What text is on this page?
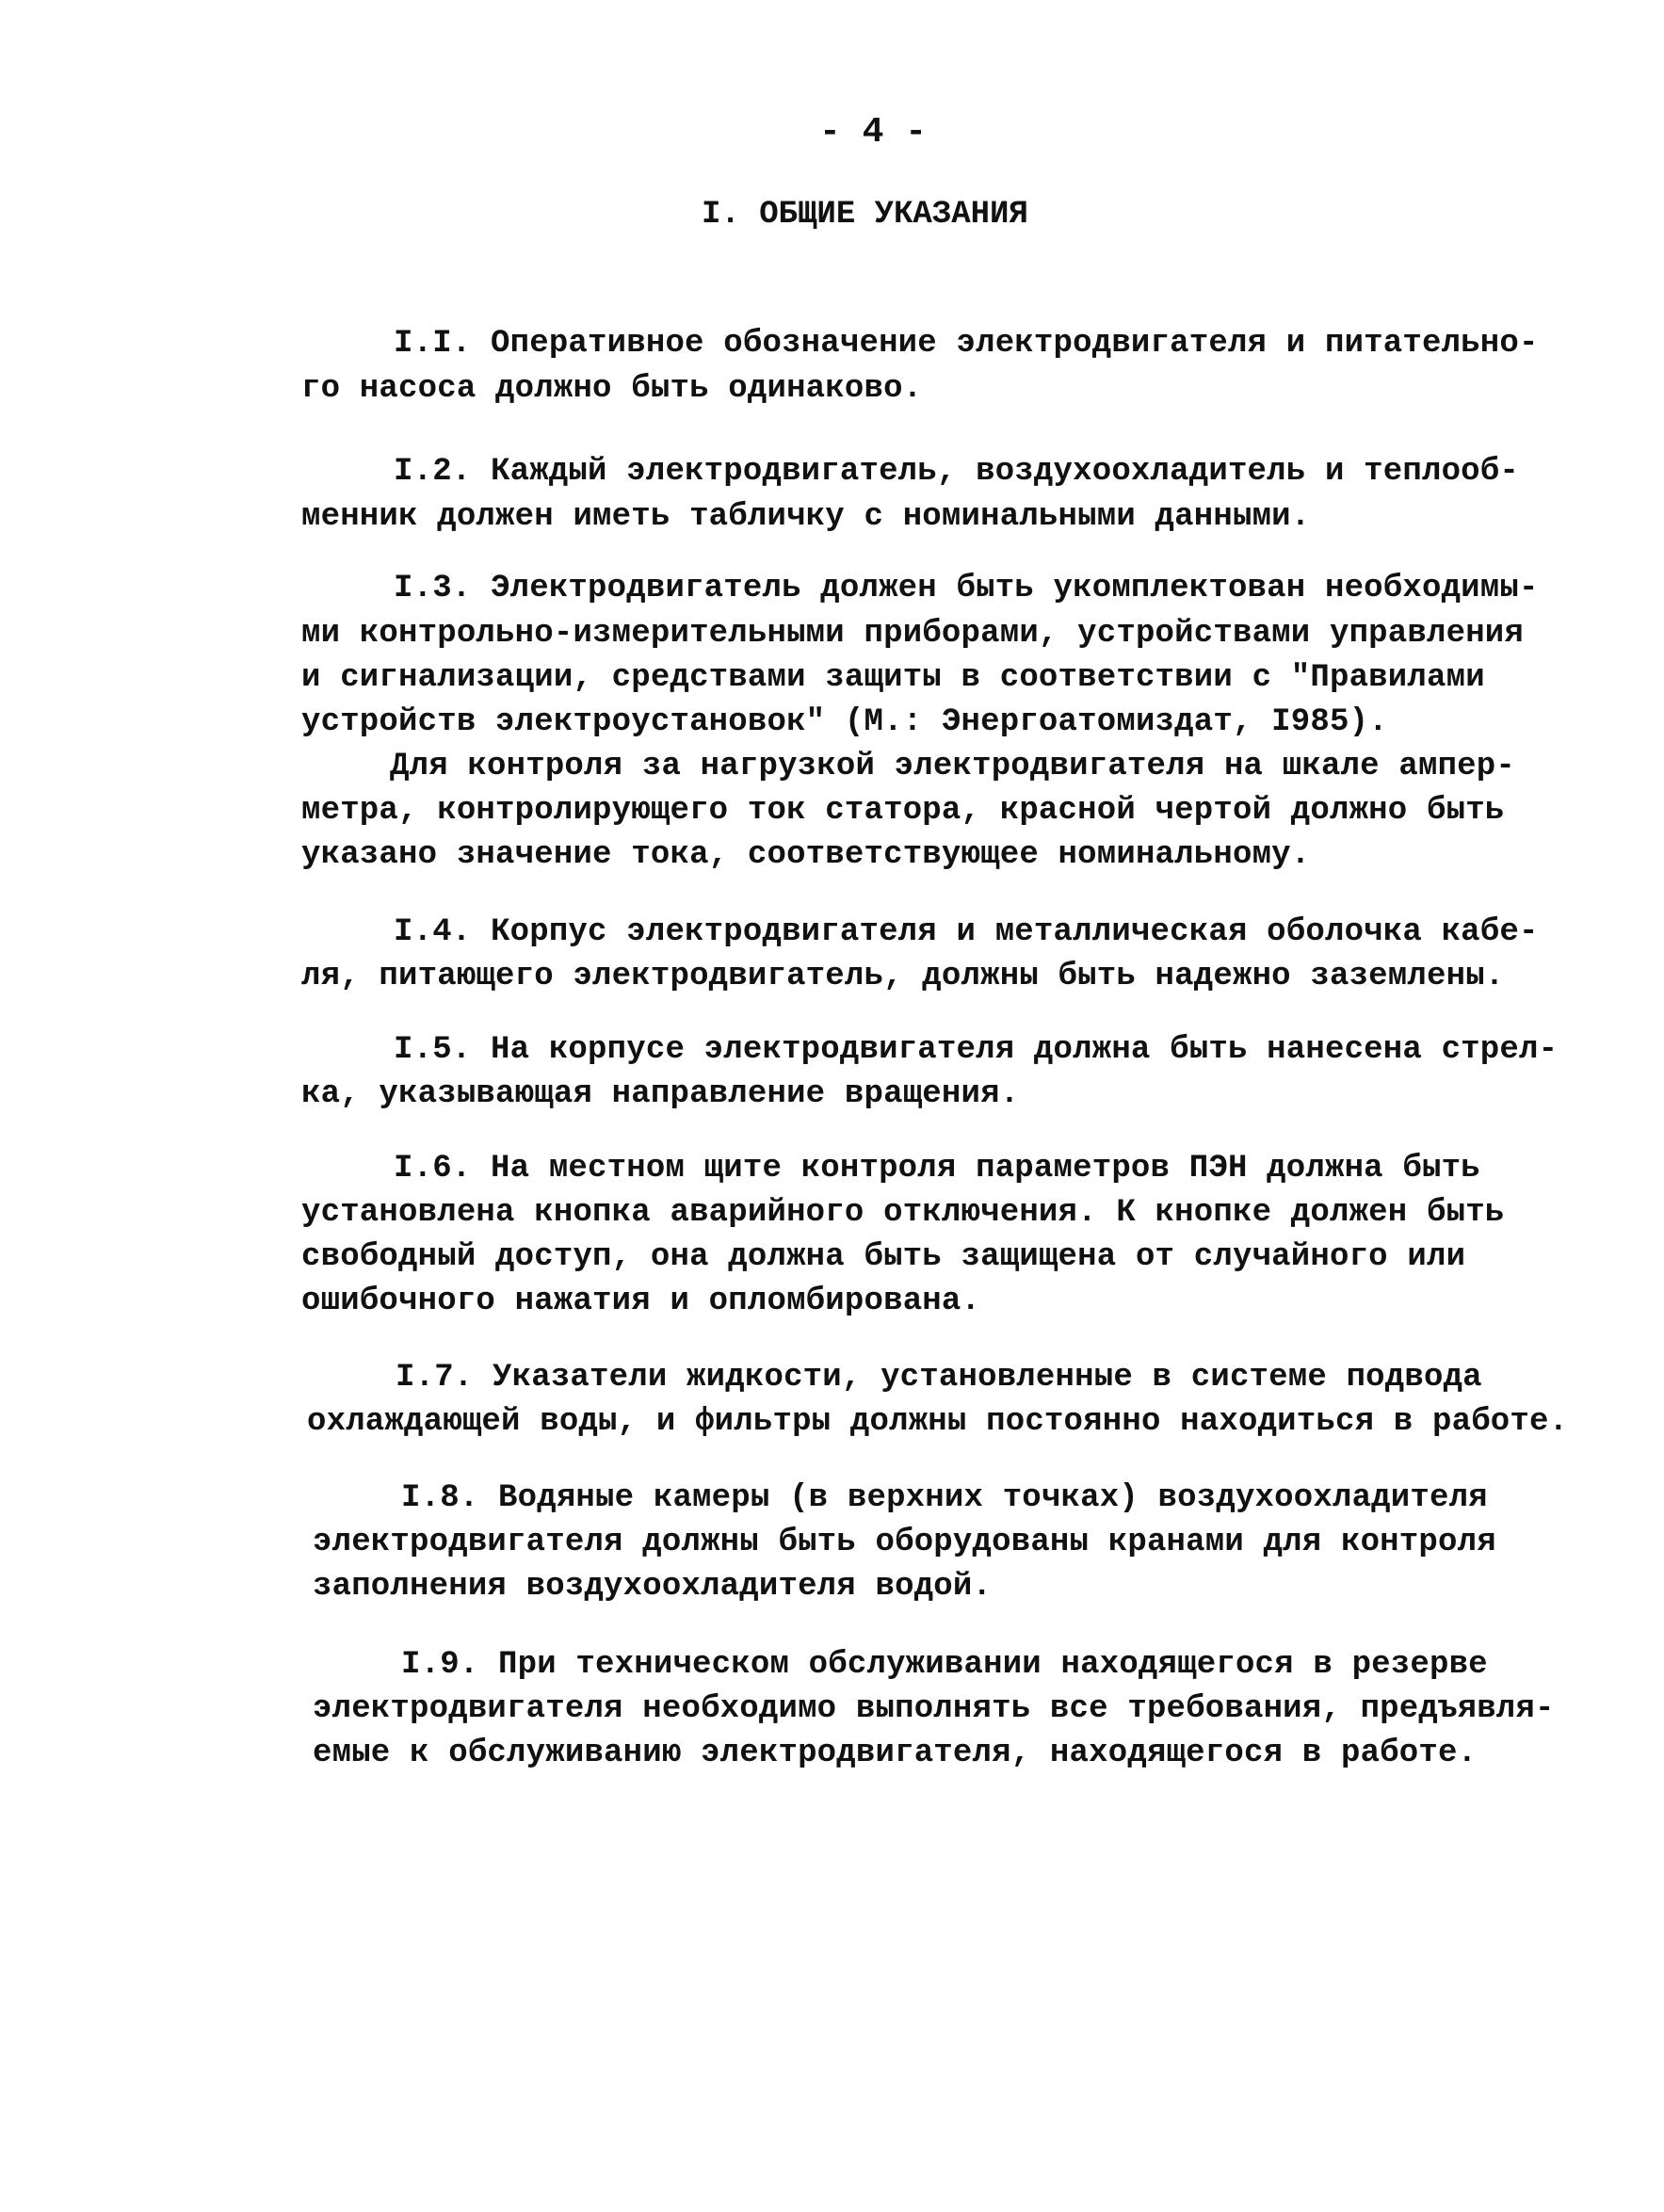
- 4 -
I. ОБЩИЕ УКАЗАНИЯ
I.I. Оперативное обозначение электродвигателя и питательно-
го насоса должно быть одинаково.
I.2. Каждый электродвигатель, воздухоохладитель и теплооб-
менник должен иметь табличку с номинальными данными.
I.3. Электродвигатель должен быть укомплектован необходимы-
ми контрольно-измерительными приборами, устройствами управления
и сигнализации, средствами защиты в соответствии с "Правилами
устройств электроустановок" (М.: Энергоатомиздат, I985).
Для контроля за нагрузкой электродвигателя на шкале ампер-
метра, контролирующего ток статора, красной чертой должно быть
указано значение тока, соответствующее номинальному.
I.4. Корпус электродвигателя и металлическая оболочка кабе-
ля, питающего электродвигатель, должны быть надежно заземлены.
I.5. На корпусе электродвигателя должна быть нанесена стрел-
ка, указывающая направление вращения.
I.6. На местном щите контроля параметров ПЭН должна быть
установлена кнопка аварийного отключения. К кнопке должен быть
свободный доступ, она должна быть защищена от случайного или
ошибочного нажатия и опломбирована.
I.7. Указатели жидкости, установленные в системе подвода
охлаждающей воды, и фильтры должны постоянно находиться в работе.
I.8. Водяные камеры (в верхних точках) воздухоохладителя
электродвигателя должны быть оборудованы кранами для контроля
заполнения воздухоохладителя водой.
I.9. При техническом обслуживании находящегося в резерве
электродвигателя необходимо выполнять все требования, предъявля-
емые к обслуживанию электродвигателя, находящегося в работе.
